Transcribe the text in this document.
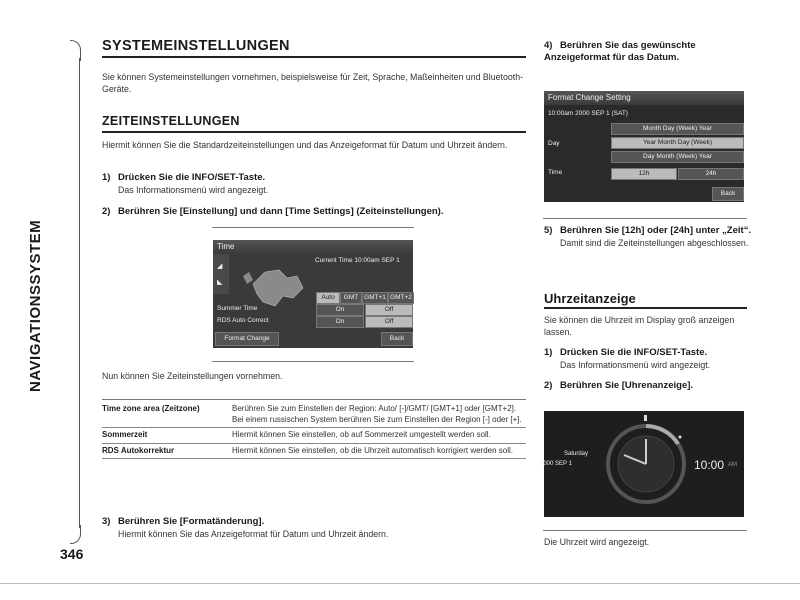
NAVIGATIONSSYSTEM
346
SYSTEMEINSTELLUNGEN
Sie können Systemeinstellungen vornehmen, beispielsweise für Zeit, Sprache, Maßeinheiten und Bluetooth-Geräte.
ZEITEINSTELLUNGEN
Hiermit können Sie die Standardzeiteinstellungen und das Anzeigeformat für Datum und Uhrzeit ändern.
1) Drücken Sie die INFO/SET-Taste.
Das Informationsmenü wird angezeigt.
2) Berühren Sie [Einstellung] und dann [Time Settings] (Zeiteinstellungen).
Time
◢
◣
Current Time 10:00am SEP 1
Auto	GMT GMT+1 GMT+2
Summer Time	On	Off
RDS Auto Correct	On	Off
Format Change	Back
Nun können Sie Zeiteinstellungen vornehmen.
Time zone area (Zeitzone)	Berühren Sie zum Einstellen der Region: Auto/ [-]/GMT/ [GMT+1] oder [GMT+2].
Bei einem russischen System berühren Sie zum Einstellen der Region [-] oder [+].
Sommerzeit	Hiermit können Sie einstellen, ob auf Sommerzeit umgestellt werden soll.
RDS Autokorrektur	Hiermit können Sie einstellen, ob die Uhrzeit automatisch korrigiert werden soll.
3) Berühren Sie [Formatänderung].
Hiermit können Sie das Anzeigeformat für Datum und Uhrzeit ändern.
4) Berühren Sie das gewünschte Anzeigeformat für das Datum.
Format Change Setting
10:00am 2000 SEP 1 (SAT)
Day
Month Day (Week) Year
Year Month Day (Week)
Day Month (Week) Year
Time	12h	24h
Back
5) Berühren Sie [12h] oder [24h] unter „Zeit“.
Damit sind die Zeiteinstellungen abgeschlossen.
Uhrzeitanzeige
Sie können die Uhrzeit im Display groß anzeigen lassen.
1) Drücken Sie die INFO/SET-Taste.
Das Informationsmenü wird angezeigt.
2) Berühren Sie [Uhrenanzeige].
Saturday
2000 SEP 1	10:00 AM
Die Uhrzeit wird angezeigt.
